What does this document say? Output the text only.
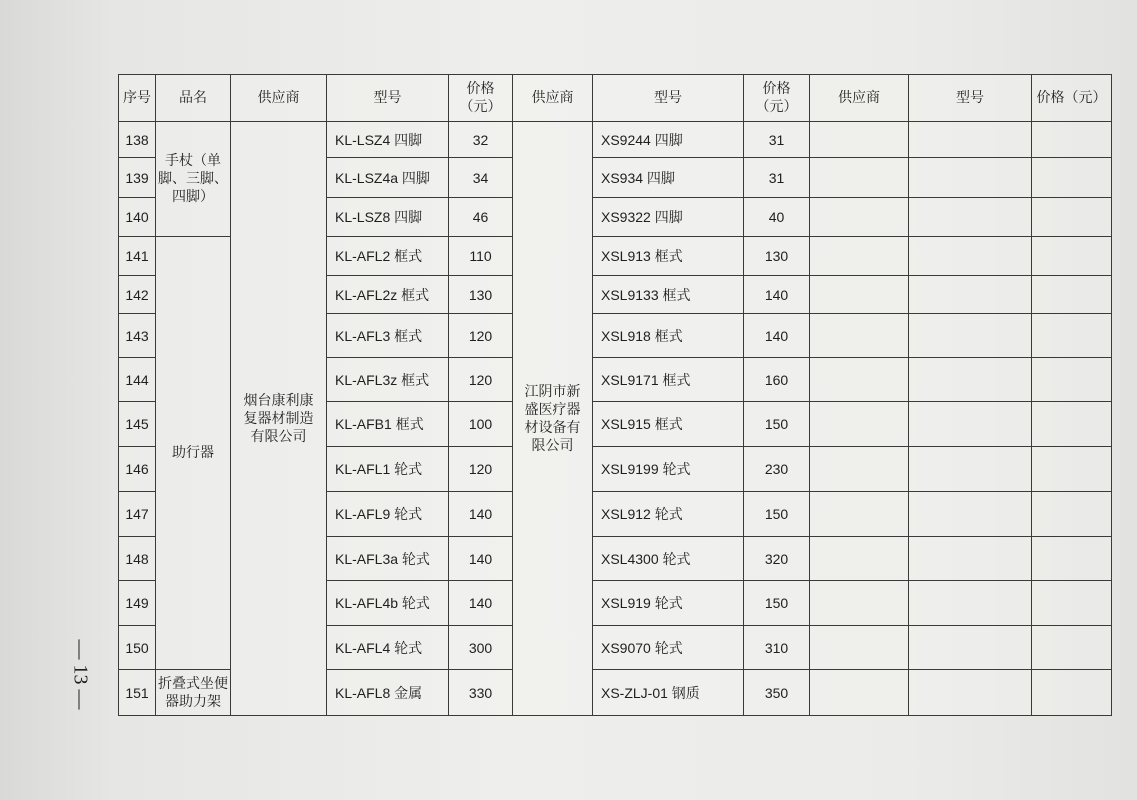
序号	品名	供应商	型号	价格（元）	供应商	型号	价格（元）	供应商	型号	价格（元）
138	手杖（单脚、三脚、四脚）	烟台康利康复器材制造有限公司	KL-LSZ4 四脚	32	江阴市新盛医疗器材设备有限公司	XS9244 四脚	31			
139			KL-LSZ4a 四脚	34		XS934 四脚	31			
140			KL-LSZ8 四脚	46		XS9322 四脚	40			
141	助行器		KL-AFL2 框式	110		XSL913 框式	130			
142			KL-AFL2z 框式	130		XSL9133 框式	140			
143			KL-AFL3 框式	120		XSL918 框式	140			
144			KL-AFL3z 框式	120		XSL9171 框式	160			
145			KL-AFB1 框式	100		XSL915 框式	150			
146			KL-AFL1 轮式	120		XSL9199 轮式	230			
147			KL-AFL9 轮式	140		XSL912 轮式	150			
148			KL-AFL3a 轮式	140		XSL4300 轮式	320			
149			KL-AFL4b 轮式	140		XSL919 轮式	150			
150			KL-AFL4 轮式	300		XS9070 轮式	310			
151	折叠式坐便器助力架		KL-AFL8 金属	330		XS-ZLJ-01 钢质	350			
— 13 —
